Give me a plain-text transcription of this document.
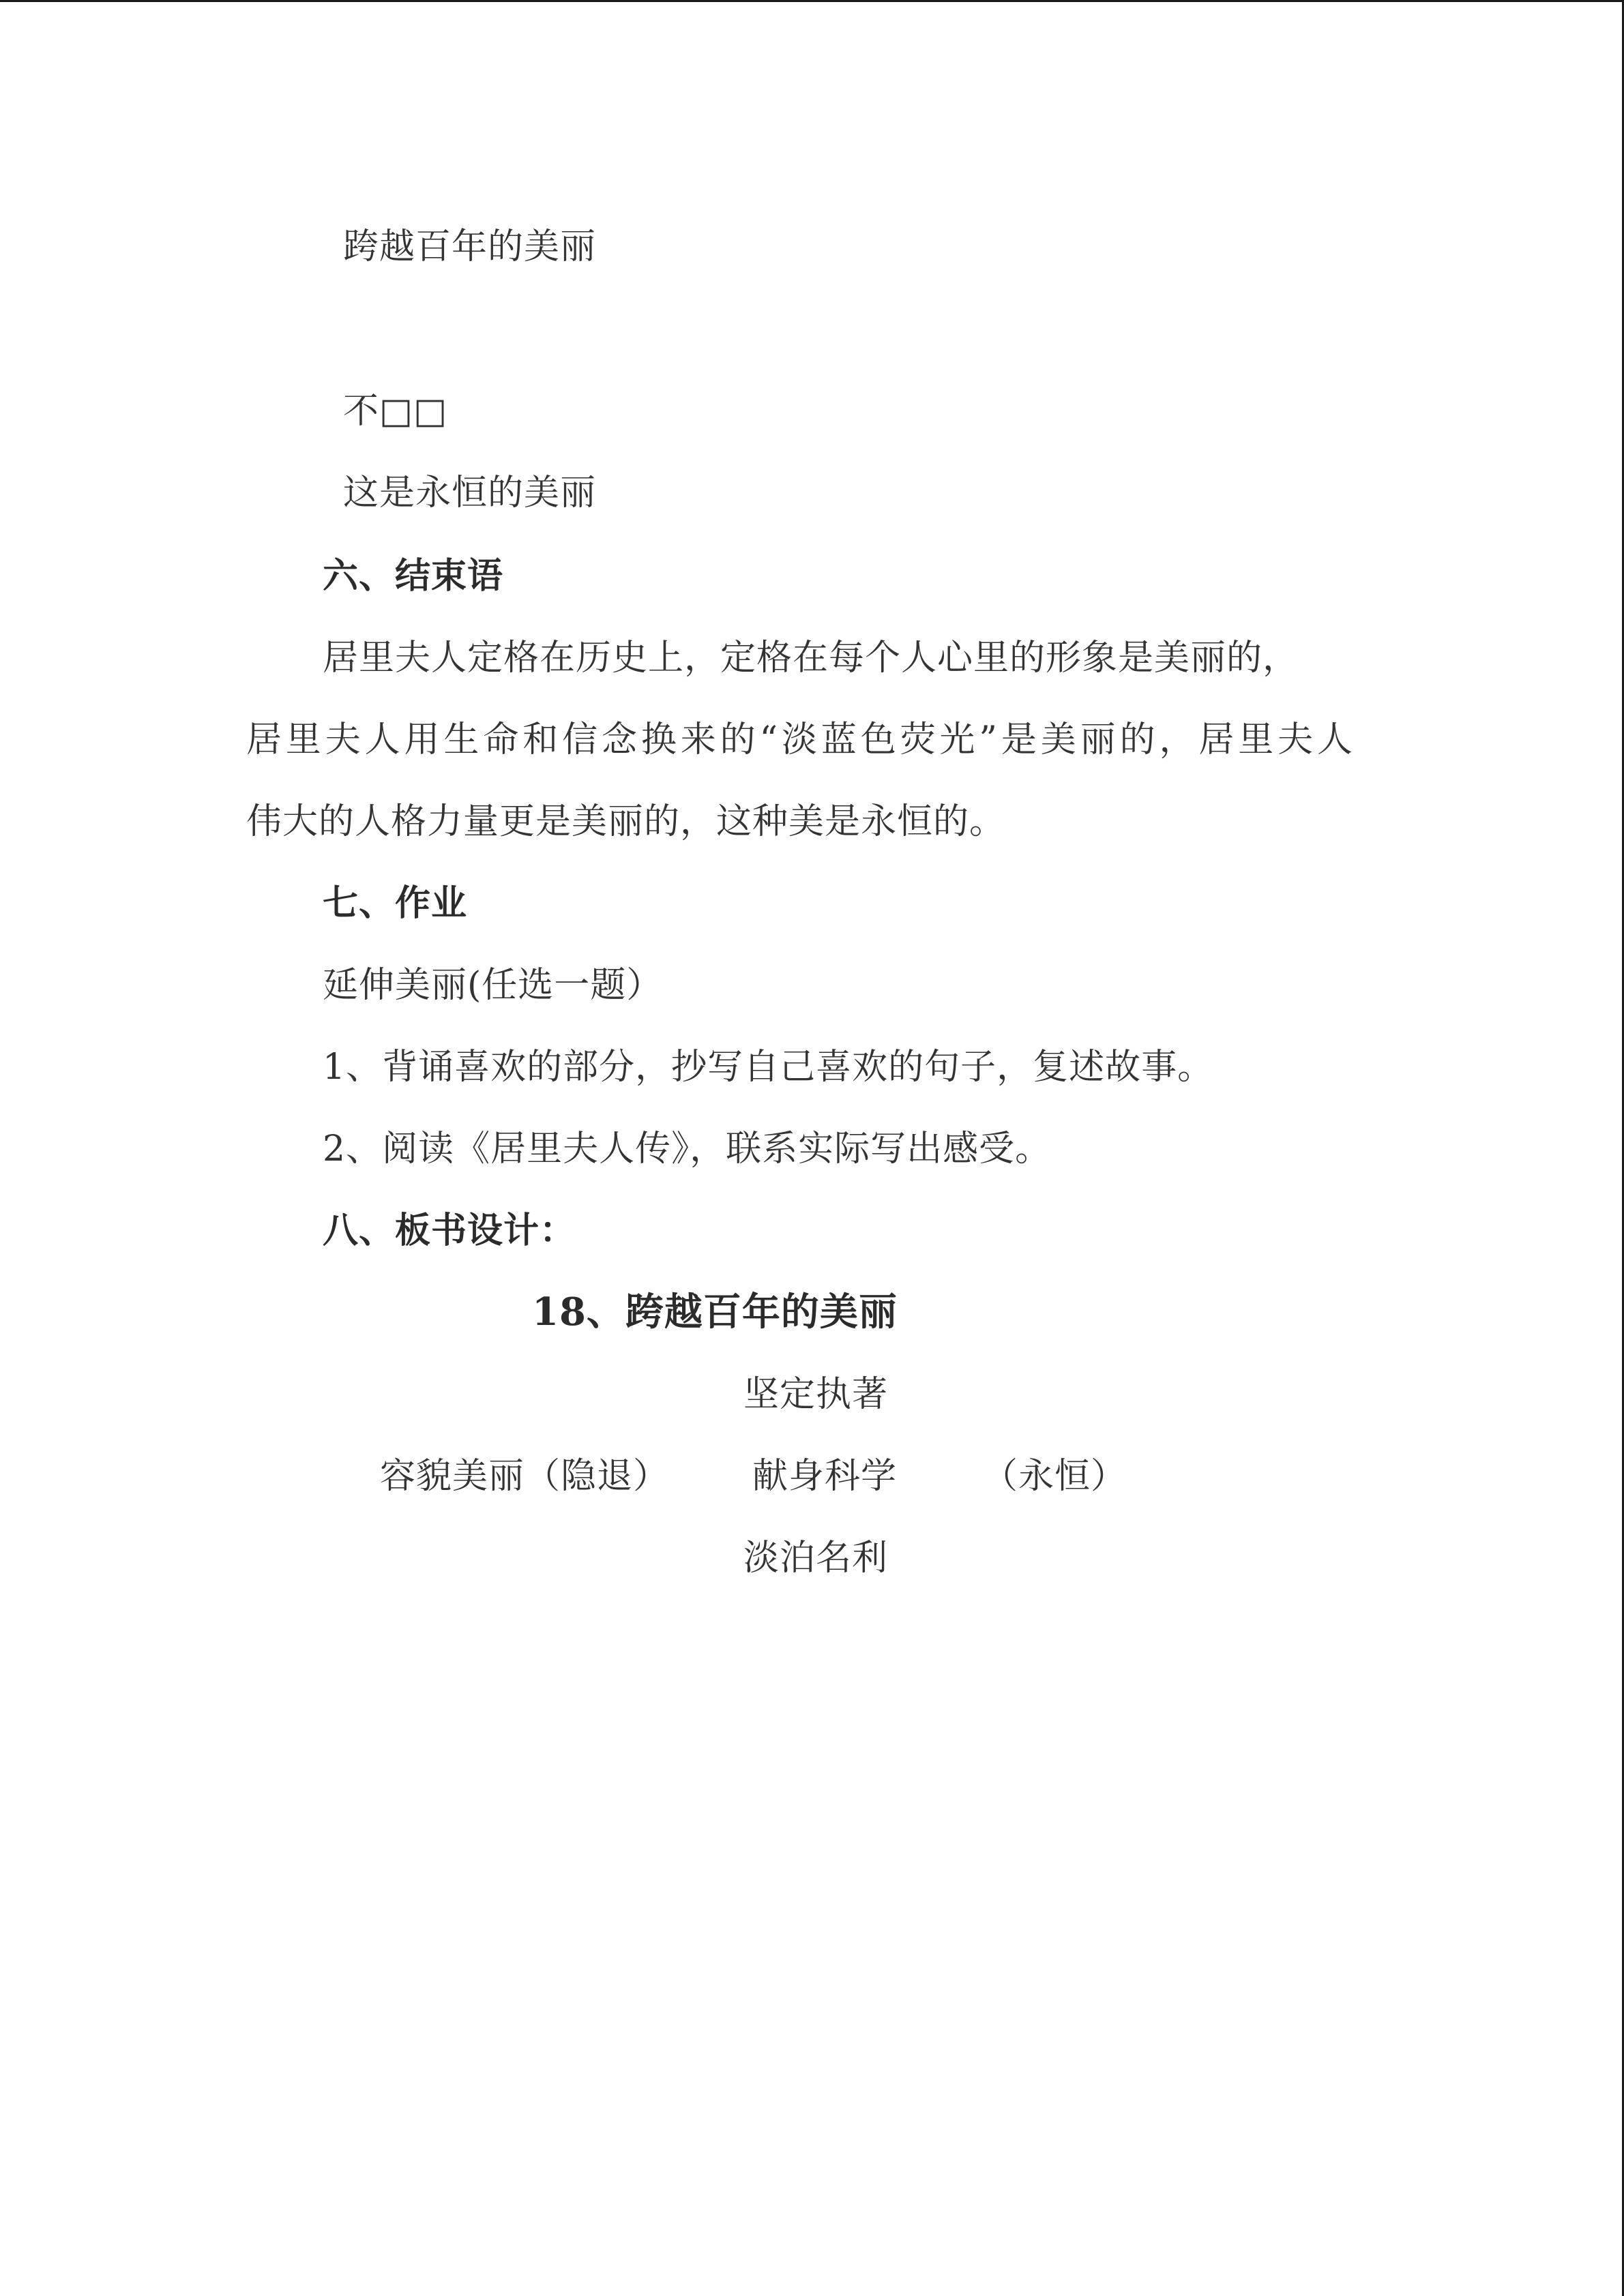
跨越百年的美丽
不□□
这是永恒的美丽
六、结束语
居里夫人定格在历史上，定格在每个人心里的形象是美丽的，
居里夫人用生命和信念换来的“淡蓝色荧光”是美丽的，居里夫人
伟大的人格力量更是美丽的，这种美是永恒的。
七、作业
延伸美丽(任选一题）
1、背诵喜欢的部分，抄写自己喜欢的句子，复述故事。
2、阅读《居里夫人传》，联系实际写出感受。
八、板书设计：
18、跨越百年的美丽
坚定执著
容貌美丽（隐退） 献身科学 （永恒）
淡泊名利
